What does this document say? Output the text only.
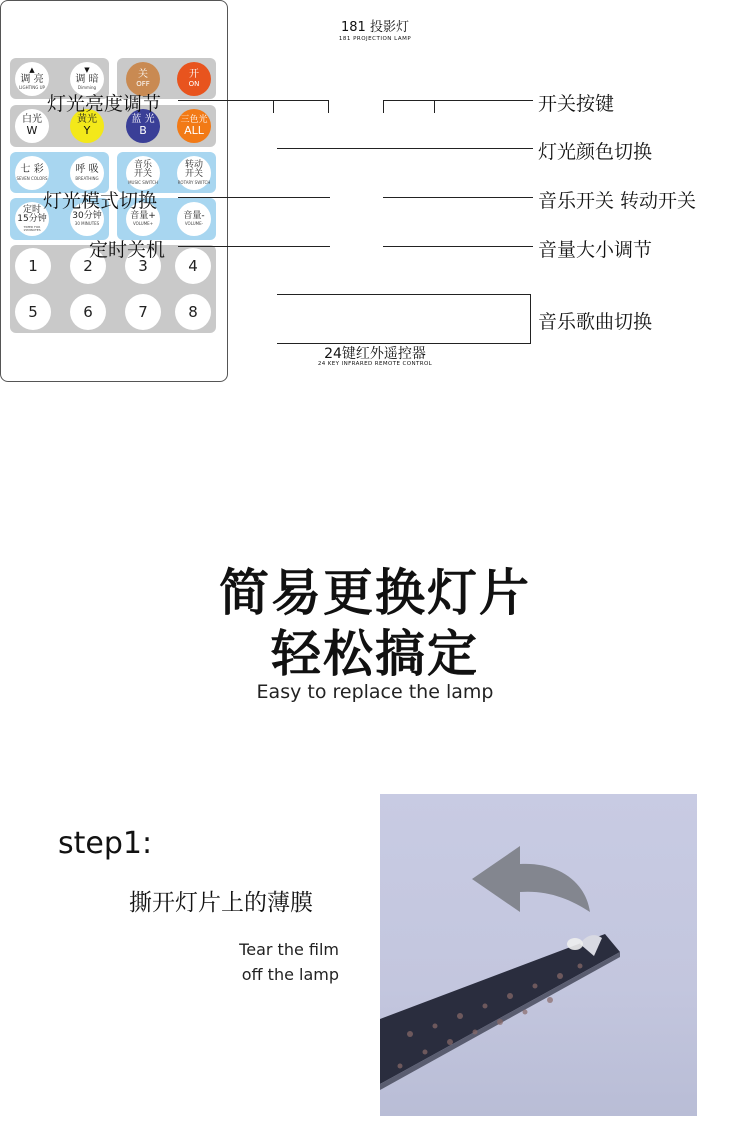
181 投影灯
181 PROJECTION LAMP
▲
调 亮
LIGHTING UP
▼
调 暗
Dimming
关
OFF
开
ON
白光
W
黄光
Y
蓝 光
B
三色光
ALL
七 彩
SEVEN COLORS
呼 吸
BREATHING
音乐
开关
MUSIC SWITCH
转动
开关
ROTARY SWITCH
定时
15分钟
TIMED FOR 15MINUTES
30分钟
30 MINUTES
音量+
VOLUME+
音量-
VOLUME-
1	2	3	4
5	6	7	8
24键红外遥控器
24 KEY INFRARED REMOTE CONTROL
灯光亮度调节	开关按键
灯光颜色切换
灯光模式切换	音乐开关 转动开关
定时关机	音量大小调节
音乐歌曲切换
简易更换灯片
轻松搞定
Easy to replace the lamp
step1:
撕开灯片上的薄膜
Tear the film
off the lamp
